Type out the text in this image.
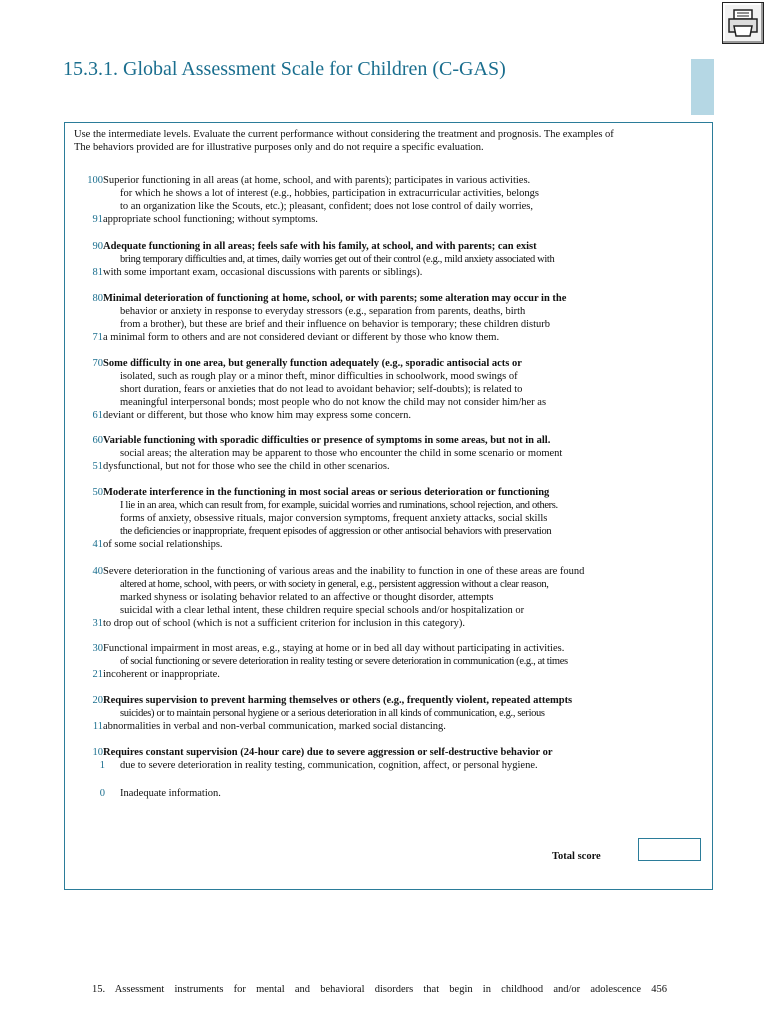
15.3.1. Global Assessment Scale for Children (C-GAS)
Use the intermediate levels. Evaluate the current performance without considering the treatment and prognosis. The examples of
The behaviors provided are for illustrative purposes only and do not require a specific evaluation.
100 Superior functioning in all areas (at home, school, and with parents); participates in various activities.
for which he shows a lot of interest (e.g., hobbies, participation in extracurricular activities, belongs
to an organization like the Scouts, etc.); pleasant, confident; does not lose control of daily worries,
91 appropriate school functioning; without symptoms.
90 Adequate functioning in all areas; feels safe with his family, at school, and with parents; can exist
bring temporary difficulties and, at times, daily worries get out of their control (e.g., mild anxiety associated with
81 with some important exam, occasional discussions with parents or siblings).
80 Minimal deterioration of functioning at home, school, or with parents; some alteration may occur in the
behavior or anxiety in response to everyday stressors (e.g., separation from parents, deaths, birth
from a brother), but these are brief and their influence on behavior is temporary; these children disturb
71 a minimal form to others and are not considered deviant or different by those who know them.
70 Some difficulty in one area, but generally function adequately (e.g., sporadic antisocial acts or
isolated, such as rough play or a minor theft, minor difficulties in schoolwork, mood swings of
short duration, fears or anxieties that do not lead to avoidant behavior; self-doubts); is related to
meaningful interpersonal bonds; most people who do not know the child may not consider him/her as
61 deviant or different, but those who know him may express some concern.
60 Variable functioning with sporadic difficulties or presence of symptoms in some areas, but not in all.
social areas; the alteration may be apparent to those who encounter the child in some scenario or moment
51 dysfunctional, but not for those who see the child in other scenarios.
50 Moderate interference in the functioning in most social areas or serious deterioration or functioning
I lie in an area, which can result from, for example, suicidal worries and ruminations, school rejection, and others.
forms of anxiety, obsessive rituals, major conversion symptoms, frequent anxiety attacks, social skills
the deficiencies or inappropriate, frequent episodes of aggression or other antisocial behaviors with preservation
41 of some social relationships.
40 Severe deterioration in the functioning of various areas and the inability to function in one of these areas are found
altered at home, school, with peers, or with society in general, e.g., persistent aggression without a clear reason,
marked shyness or isolating behavior related to an affective or thought disorder, attempts
suicidal with a clear lethal intent, these children require special schools and/or hospitalization or
31 to drop out of school (which is not a sufficient criterion for inclusion in this category).
30 Functional impairment in most areas, e.g., staying at home or in bed all day without participating in activities.
of social functioning or severe deterioration in reality testing or severe deterioration in communication (e.g., at times
21 incoherent or inappropriate.
20 Requires supervision to prevent harming themselves or others (e.g., frequently violent, repeated attempts
suicides) or to maintain personal hygiene or a serious deterioration in all kinds of communication, e.g., serious
11 abnormalities in verbal and non-verbal communication, marked social distancing.
10 Requires constant supervision (24-hour care) due to severe aggression or self-destructive behavior or
1 due to severe deterioration in reality testing, communication, cognition, affect, or personal hygiene.
0 Inadequate information.
Total score
15. Assessment instruments for mental and behavioral disorders that begin in childhood and/or adolescence 456
